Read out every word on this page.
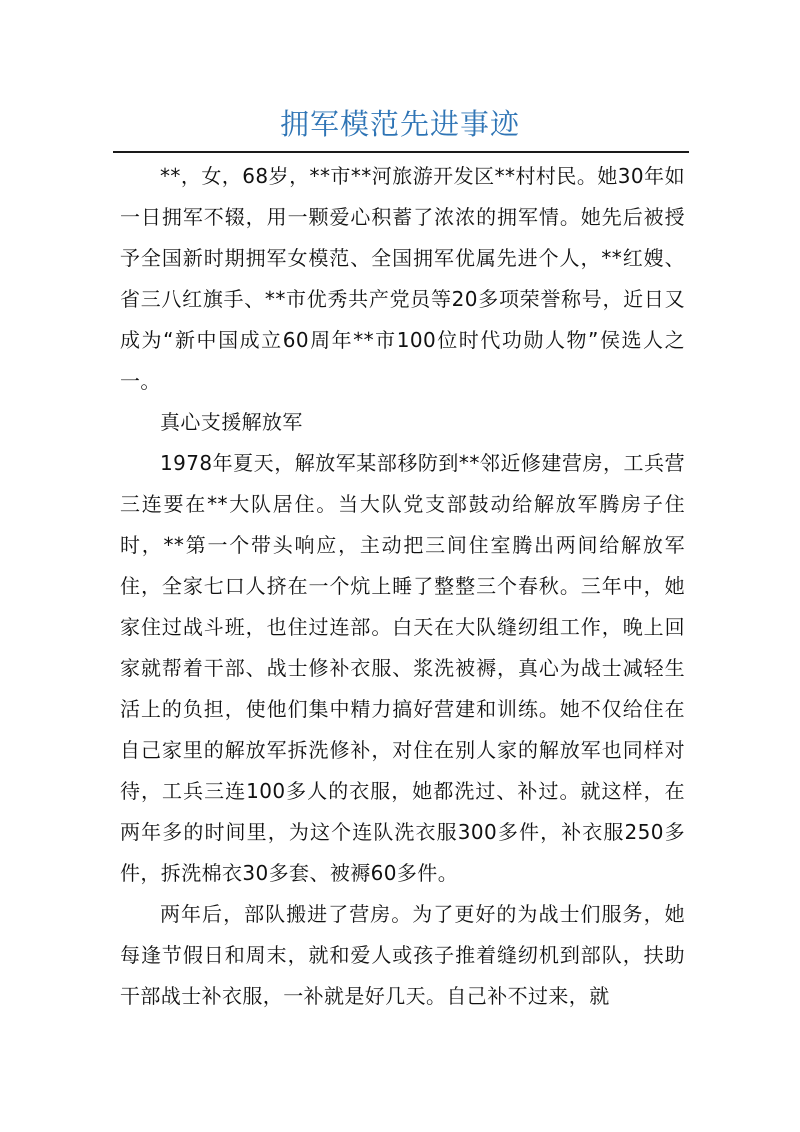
拥军模范先进事迹

**，女，68岁，**市**河旅游开发区**村村民。她30年如一日拥军不辍，用一颗爱心积蓄了浓浓的拥军情。她先后被授予全国新时期拥军女模范、全国拥军优属先进个人，**红嫂、省三八红旗手、**市优秀共产党员等20多项荣誉称号，近日又成为“新中国成立60周年**市100位时代功勋人物”侯选人之一。

真心支援解放军

1978年夏天，解放军某部移防到**邻近修建营房，工兵营三连要在**大队居住。当大队党支部鼓动给解放军腾房子住时，**第一个带头响应，主动把三间住室腾出两间给解放军住，全家七口人挤在一个炕上睡了整整三个春秋。三年中，她家住过战斗班，也住过连部。白天在大队缝纫组工作，晚上回家就帮着干部、战士修补衣服、浆洗被褥，真心为战士减轻生活上的负担，使他们集中精力搞好营建和训练。她不仅给住在自己家里的解放军拆洗修补，对住在别人家的解放军也同样对待，工兵三连100多人的衣服，她都洗过、补过。就这样，在两年多的时间里，为这个连队洗衣服300多件，补衣服250多件，拆洗棉衣30多套、被褥60多件。

两年后，部队搬进了营房。为了更好的为战士们服务，她每逢节假日和周末，就和爱人或孩子推着缝纫机到部队，扶助干部战士补衣服，一补就是好几天。自己补不过来，就
